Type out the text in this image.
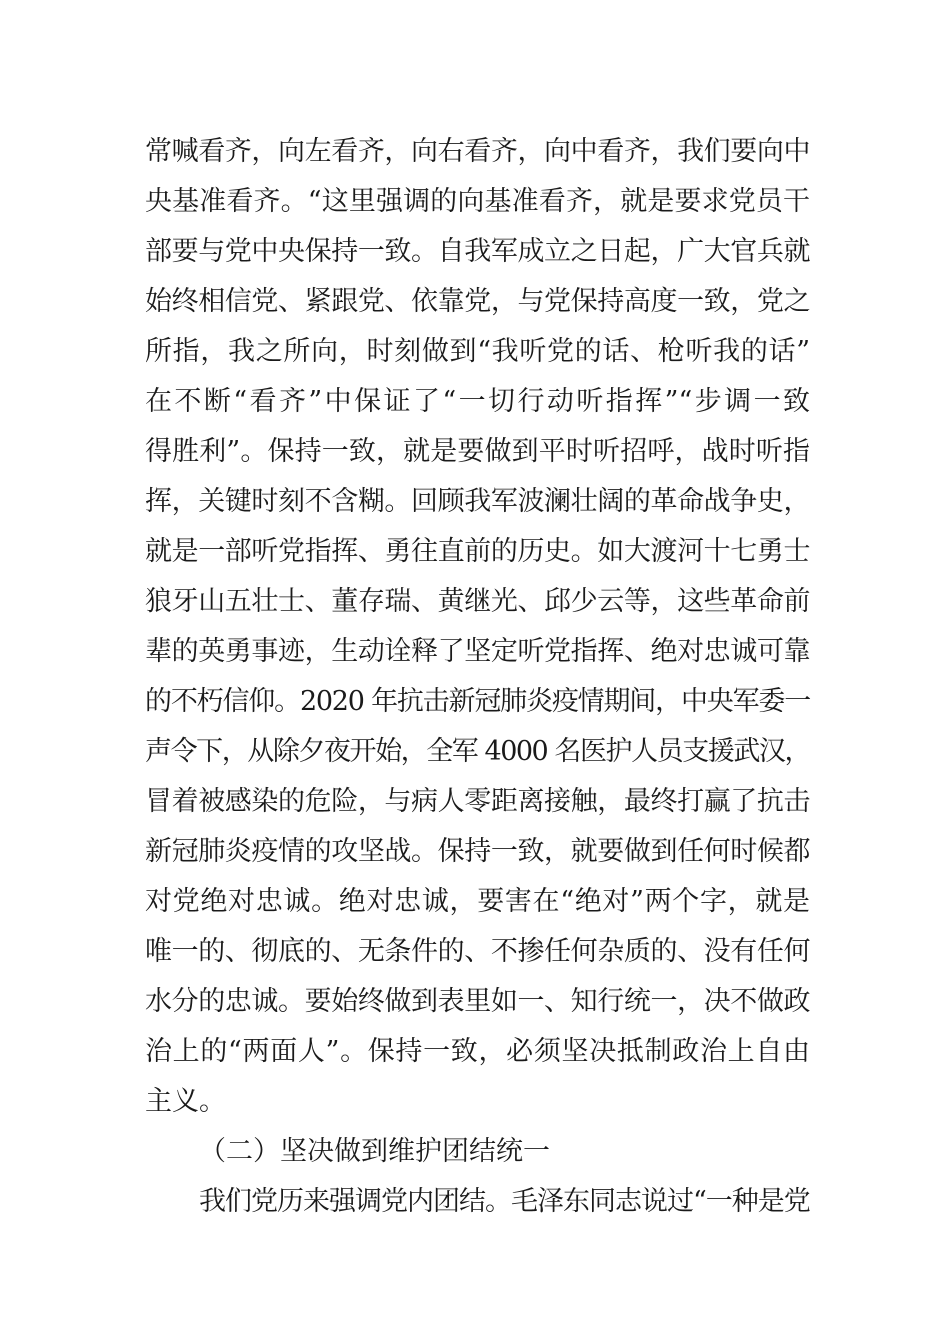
常喊看齐，向左看齐，向右看齐，向中看齐，我们要向中
央基准看齐。“这里强调的向基准看齐，就是要求党员干
部要与党中央保持一致。自我军成立之日起，广大官兵就
始终相信党、紧跟党、依靠党，与党保持高度一致，党之
所指，我之所向，时刻做到“我听党的话、枪听我的话”
在不断“看齐”中保证了“一切行动听指挥”“步调一致
得胜利”。保持一致，就是要做到平时听招呼，战时听指
挥，关键时刻不含糊。回顾我军波澜壮阔的革命战争史，
就是一部听党指挥、勇往直前的历史。如大渡河十七勇士
狼牙山五壮士、董存瑞、黄继光、邱少云等，这些革命前
辈的英勇事迹，生动诠释了坚定听党指挥、绝对忠诚可靠
的不朽信仰。2020 年抗击新冠肺炎疫情期间，中央军委一
声令下，从除夕夜开始，全军 4000 名医护人员支援武汉，
冒着被感染的危险，与病人零距离接触，最终打赢了抗击
新冠肺炎疫情的攻坚战。保持一致，就要做到任何时候都
对党绝对忠诚。绝对忠诚，要害在“绝对”两个字，就是
唯一的、彻底的、无条件的、不掺任何杂质的、没有任何
水分的忠诚。要始终做到表里如一、知行统一，决不做政
治上的“两面人”。保持一致，必须坚决抵制政治上自由
主义。
（二）坚决做到维护团结统一
我们党历来强调党内团结。毛泽东同志说过“一种是党
